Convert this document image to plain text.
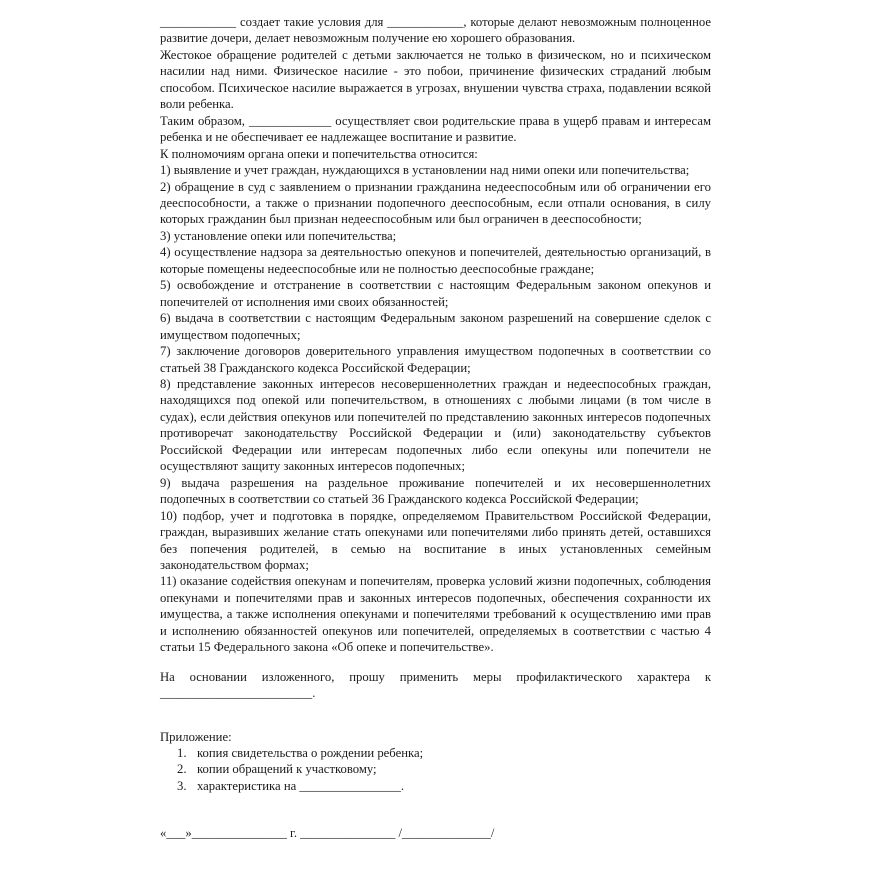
____________ создает такие условия для ____________, которые делают невозможным полноценное развитие дочери, делает невозможным получение ею хорошего образования.
Жестокое обращение родителей с детьми заключается не только в физическом, но и психическом насилии над ними. Физическое насилие - это побои, причинение физических страданий любым способом. Психическое насилие выражается в угрозах, внушении чувства страха, подавлении всякой воли ребенка.
Таким образом, _____________ осуществляет свои родительские права в ущерб правам и интересам ребенка и не обеспечивает ее надлежащее воспитание и развитие.
К полномочиям органа опеки и попечительства относится:
1) выявление и учет граждан, нуждающихся в установлении над ними опеки или попечительства;
2) обращение в суд с заявлением о признании гражданина недееспособным или об ограничении его дееспособности, а также о признании подопечного дееспособным, если отпали основания, в силу которых гражданин был признан недееспособным или был ограничен в дееспособности;
3) установление опеки или попечительства;
4) осуществление надзора за деятельностью опекунов и попечителей, деятельностью организаций, в которые помещены недееспособные или не полностью дееспособные граждане;
5) освобождение и отстранение в соответствии с настоящим Федеральным законом опекунов и попечителей от исполнения ими своих обязанностей;
6) выдача в соответствии с настоящим Федеральным законом разрешений на совершение сделок с имуществом подопечных;
7) заключение договоров доверительного управления имуществом подопечных в соответствии со статьей 38 Гражданского кодекса Российской Федерации;
8) представление законных интересов несовершеннолетних граждан и недееспособных граждан, находящихся под опекой или попечительством, в отношениях с любыми лицами (в том числе в судах), если действия опекунов или попечителей по представлению законных интересов подопечных противоречат законодательству Российской Федерации и (или) законодательству субъектов Российской Федерации или интересам подопечных либо если опекуны или попечители не осуществляют защиту законных интересов подопечных;
9) выдача разрешения на раздельное проживание попечителей и их несовершеннолетних подопечных в соответствии со статьей 36 Гражданского кодекса Российской Федерации;
10) подбор, учет и подготовка в порядке, определяемом Правительством Российской Федерации, граждан, выразивших желание стать опекунами или попечителями либо принять детей, оставшихся без попечения родителей, в семью на воспитание в иных установленных семейным законодательством формах;
11) оказание содействия опекунам и попечителям, проверка условий жизни подопечных, соблюдения опекунами и попечителями прав и законных интересов подопечных, обеспечения сохранности их имущества, а также исполнения опекунами и попечителями требований к осуществлению ими прав и исполнению обязанностей опекунов или попечителей, определяемых в соответствии с частью 4 статьи 15 Федерального закона «Об опеке и попечительстве».
На основании изложенного, прошу применить меры профилактического характера к ________________________.
Приложение:
1. копия свидетельства о рождении ребенка;
2. копии обращений к участковому;
3. характеристика на ________________.
«___»_______________ г. _______________ /______________/
